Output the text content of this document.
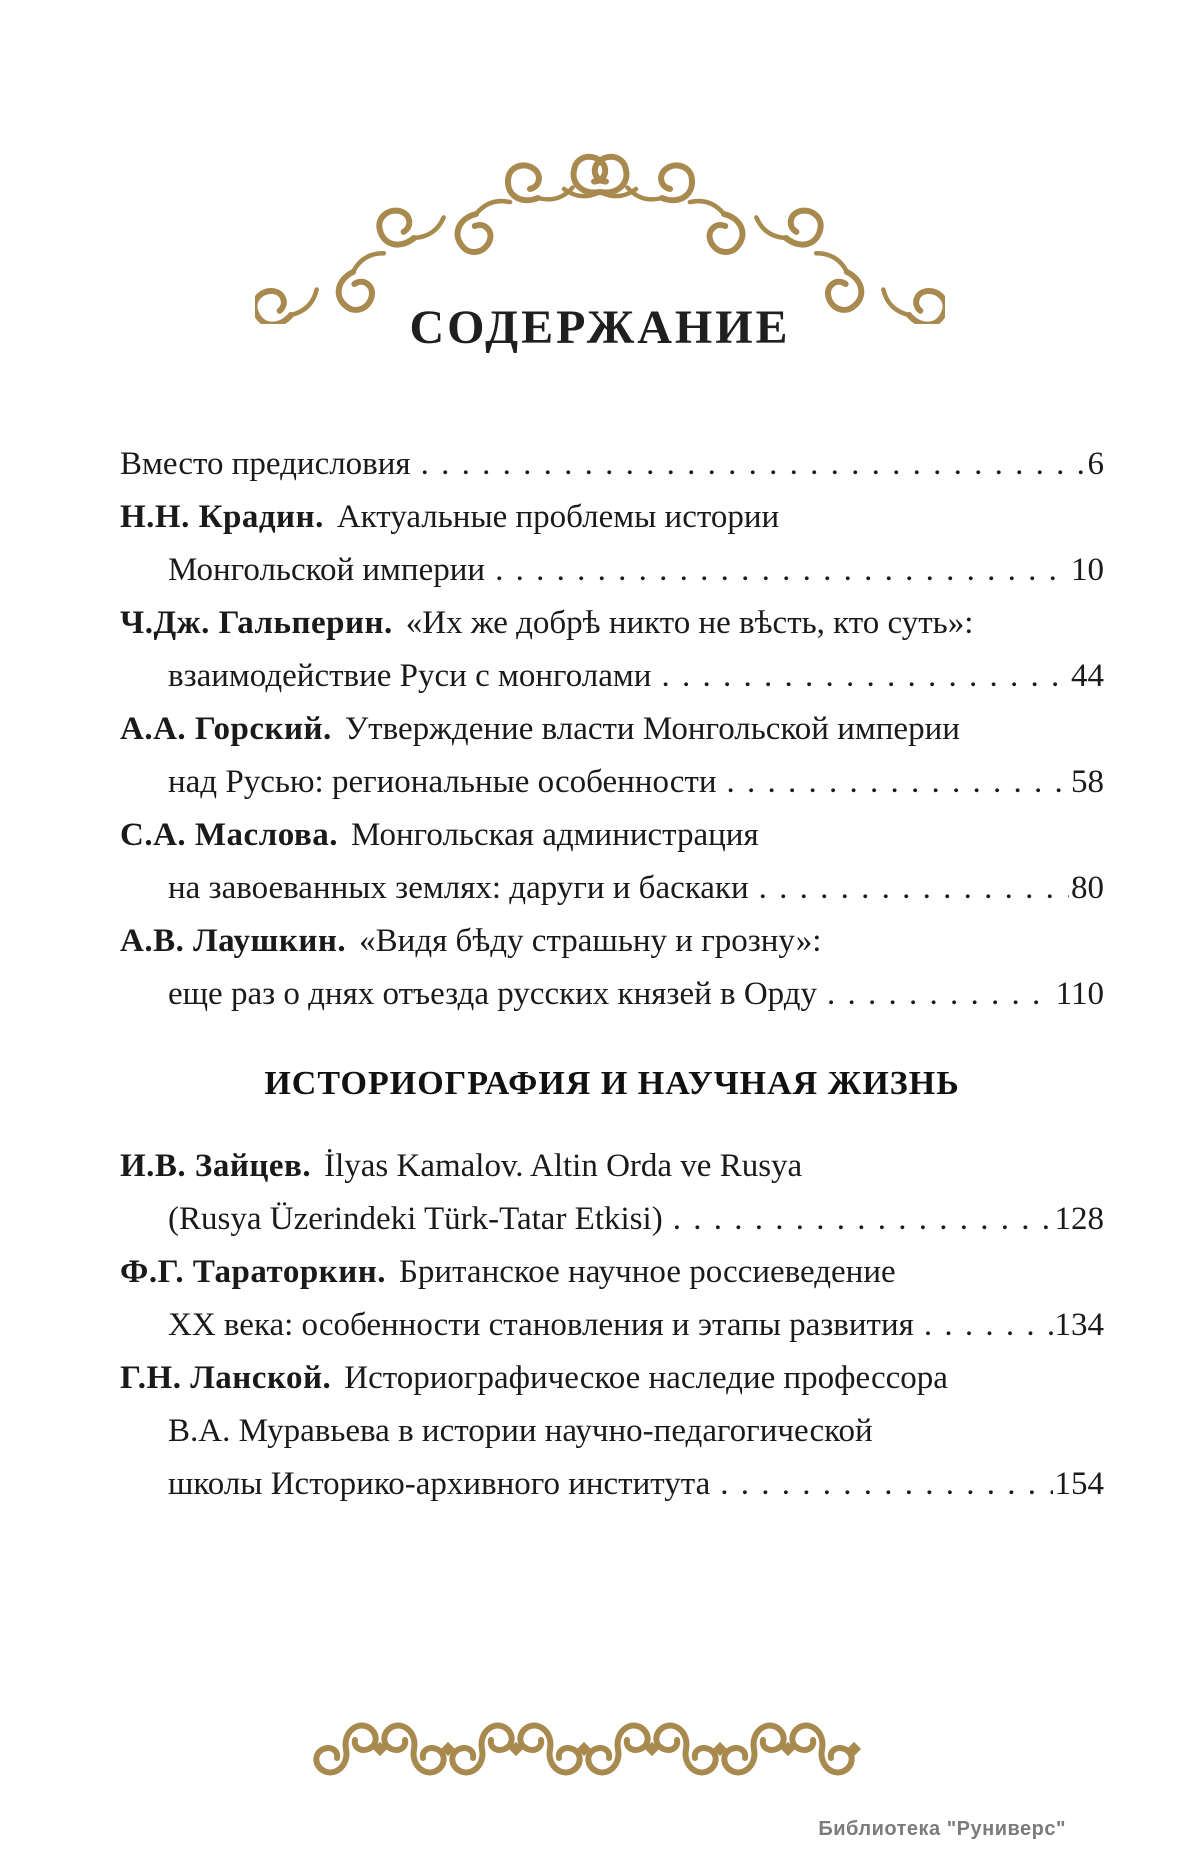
СОДЕРЖАНИЕ
Вместо предисловия . . .	6
Н.Н. Крадин. Актуальные проблемы истории
Монгольской империи . . .	10
Ч.Дж. Гальперин. «Их же добрѣ никто не вѣсть, кто суть»:
взаимодействие Руси с монголами . . .	44
А.А. Горский. Утверждение власти Монгольской империи
над Русью: региональные особенности . . .	58
С.А. Маслова. Монгольская администрация
на завоеванных землях: даруги и баскаки . . .	80
А.В. Лаушкин. «Видя бѣду страшьну и грозну»:
еще раз о днях отъезда русских князей в Орду . . .	110
ИСТОРИОГРАФИЯ И НАУЧНАЯ ЖИЗНЬ
И.В. Зайцев. İlyas Kamalov. Altin Orda ve Rusya
(Rusya Üzerindeki Türk-Tatar Etkisi) . . .	128
Ф.Г. Тараторкин. Британское научное россиеведение
XX века: особенности становления и этапы развития . . .	134
Г.Н. Ланской. Историографическое наследие профессора
В.А. Муравьева в истории научно-педагогической
школы Историко-архивного института . . .	154
Библиотека "Руниверс"
